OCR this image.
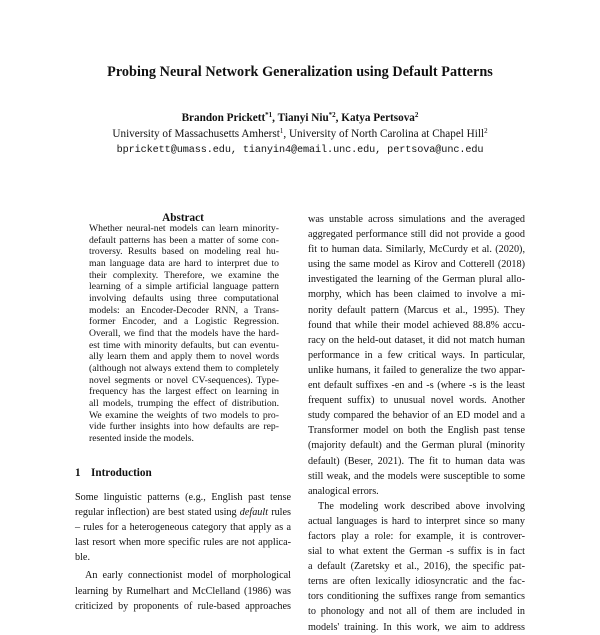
Probing Neural Network Generalization using Default Patterns
Brandon Prickett$^{*1}$, Tianyi Niu$^{*2}$, Katya Pertsova$^2$
University of Massachusetts Amherst$^1$, University of North Carolina at Chapel Hill$^2$
bprickett@umass.edu, tianyin4@email.unc.edu, pertsova@unc.edu
Abstract
Whether neural-net models can learn minority-
default patterns has been a matter of some con-
troversy. Results based on modeling real hu-
man language data are hard to interpret due to
their complexity. Therefore, we examine the
learning of a simple artificial language pattern
involving defaults using three computational
models: an Encoder-Decoder RNN, a Trans-
former Encoder, and a Logistic Regression.
Overall, we find that the models have the hard-
est time with minority defaults, but can eventu-
ally learn them and apply them to novel words
(although not always extend them to completely
novel segments or novel CV-sequences). Type-
frequency has the largest effect on learning in
all models, trumping the effect of distribution.
We examine the weights of two models to pro-
vide further insights into how defaults are rep-
resented inside the models.
1 Introduction

Some linguistic patterns (e.g., English past tense
regular inflection) are best stated using default rules
– rules for a heterogeneous category that apply as a
last resort when more specific rules are not applica-
ble.

An early connectionist model of morphological
learning by Rumelhart and McClelland (1986) was
criticized by proponents of rule-based approaches

was unstable across simulations and the averaged
aggregated performance still did not provide a good
fit to human data. Similarly, McCurdy et al. (2020),
using the same model as Kirov and Cotterell (2018)
investigated the learning of the German plural allo-
morphy, which has been claimed to involve a mi-
nority default pattern (Marcus et al., 1995). They
found that while their model achieved 88.8% accu-
racy on the held-out dataset, it did not match human
performance in a few critical ways. In particular,
unlike humans, it failed to generalize the two appar-
ent default suffixes -en and -s (where -s is the least
frequent suffix) to unusual novel words. Another
study compared the behavior of an ED model and a
Transformer model on both the English past tense
(majority default) and the German plural (minority
default) (Beser, 2021). The fit to human data was
still weak, and the models were susceptible to some
analogical errors.

The modeling work described above involving
actual languages is hard to interpret since so many
factors play a role: for example, it is controver-
sial to what extent the German -s suffix is in fact
a default (Zaretsky et al., 2016), the specific pat-
terns are often lexically idiosyncratic and the fac-
tors conditioning the suffixes range from semantics
to phonology and not all of them are included in
models' training. In this work, we aim to address
